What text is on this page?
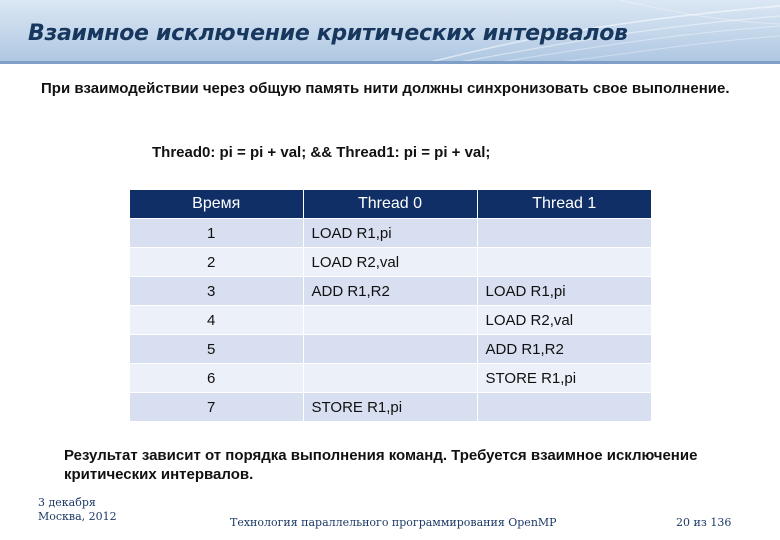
Взаимное исключение критических интервалов
При взаимодействии через общую память нити должны синхронизовать свое выполнение.
Thread0: pi = pi + val; && Thread1: pi = pi + val;
Время	Thread 0	Thread 1
1	LOAD R1,pi	
2	LOAD R2,val	
3	ADD R1,R2	LOAD R1,pi
4		LOAD R2,val
5		ADD R1,R2
6		STORE R1,pi
7	STORE R1,pi	
Результат зависит от порядка выполнения команд. Требуется взаимное исключение критических интервалов.
3 декабря
Москва, 2012	Технология параллельного программирования OpenMP	20 из 136
